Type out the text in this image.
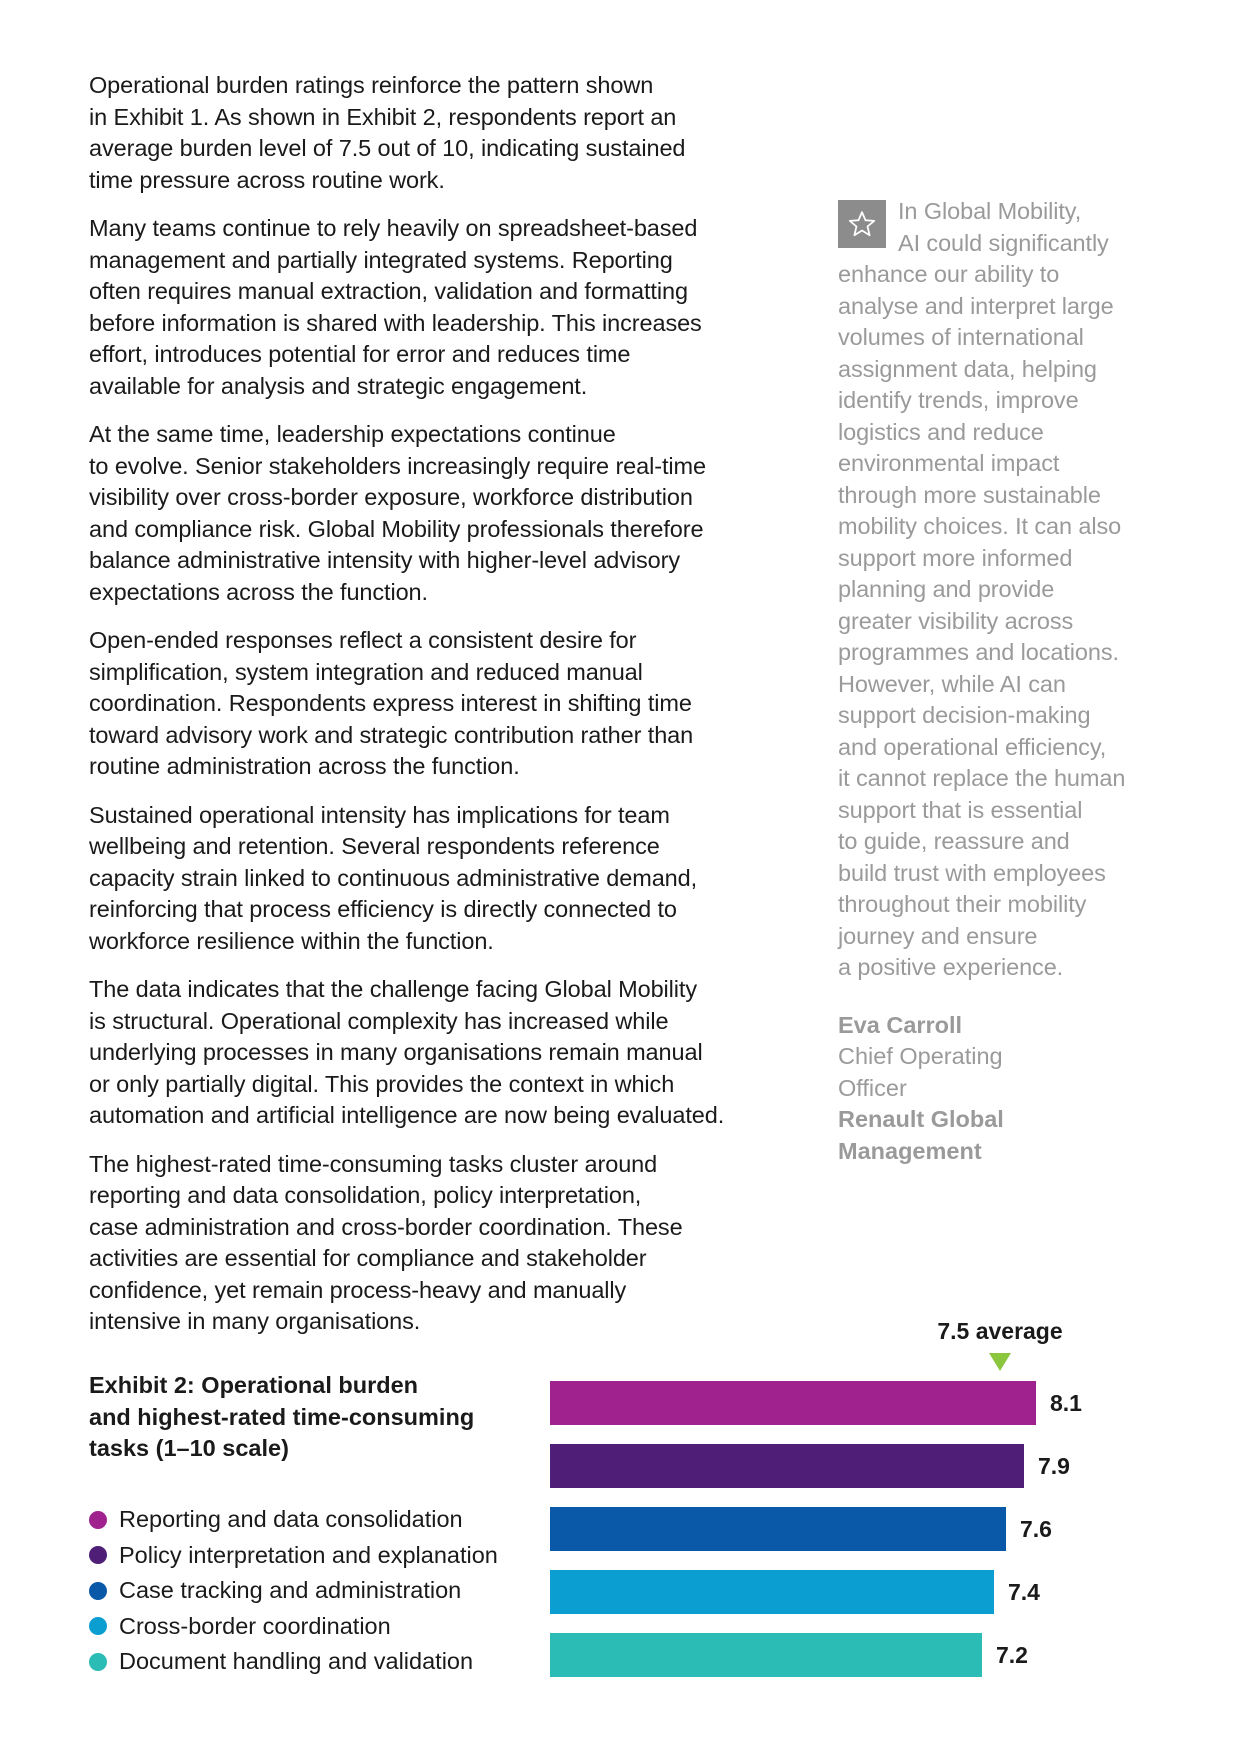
Operational burden ratings reinforce the pattern shown
in Exhibit 1. As shown in Exhibit 2, respondents report an
average burden level of 7.5 out of 10, indicating sustained
time pressure across routine work.

Many teams continue to rely heavily on spreadsheet-based
management and partially integrated systems. Reporting
often requires manual extraction, validation and formatting
before information is shared with leadership. This increases
effort, introduces potential for error and reduces time
available for analysis and strategic engagement.

At the same time, leadership expectations continue
to evolve. Senior stakeholders increasingly require real-time
visibility over cross-border exposure, workforce distribution
and compliance risk. Global Mobility professionals therefore
balance administrative intensity with higher-level advisory
expectations across the function.

Open-ended responses reflect a consistent desire for
simplification, system integration and reduced manual
coordination. Respondents express interest in shifting time
toward advisory work and strategic contribution rather than
routine administration across the function.

Sustained operational intensity has implications for team
wellbeing and retention. Several respondents reference
capacity strain linked to continuous administrative demand,
reinforcing that process efficiency is directly connected to
workforce resilience within the function.

The data indicates that the challenge facing Global Mobility
is structural. Operational complexity has increased while
underlying processes in many organisations remain manual
or only partially digital. This provides the context in which
automation and artificial intelligence are now being evaluated.

The highest-rated time-consuming tasks cluster around
reporting and data consolidation, policy interpretation,
case administration and cross-border coordination. These
activities are essential for compliance and stakeholder
confidence, yet remain process-heavy and manually
intensive in many organisations.

In Global Mobility,
AI could significantly
enhance our ability to
analyse and interpret large
volumes of international
assignment data, helping
identify trends, improve
logistics and reduce
environmental impact
through more sustainable
mobility choices. It can also
support more informed
planning and provide
greater visibility across
programmes and locations.
However, while AI can
support decision-making
and operational efficiency,
it cannot replace the human
support that is essential
to guide, reassure and
build trust with employees
throughout their mobility
journey and ensure
a positive experience.

Eva Carroll
Chief Operating
Officer
Renault Global
Management
Exhibit 2: Operational burden
and highest-rated time-consuming
tasks (1–10 scale)
Reporting and data consolidation
Policy interpretation and explanation
Case tracking and administration
Cross-border coordination
Document handling and validation
8.1
7.9
7.6
7.4
7.2
7.5 average
